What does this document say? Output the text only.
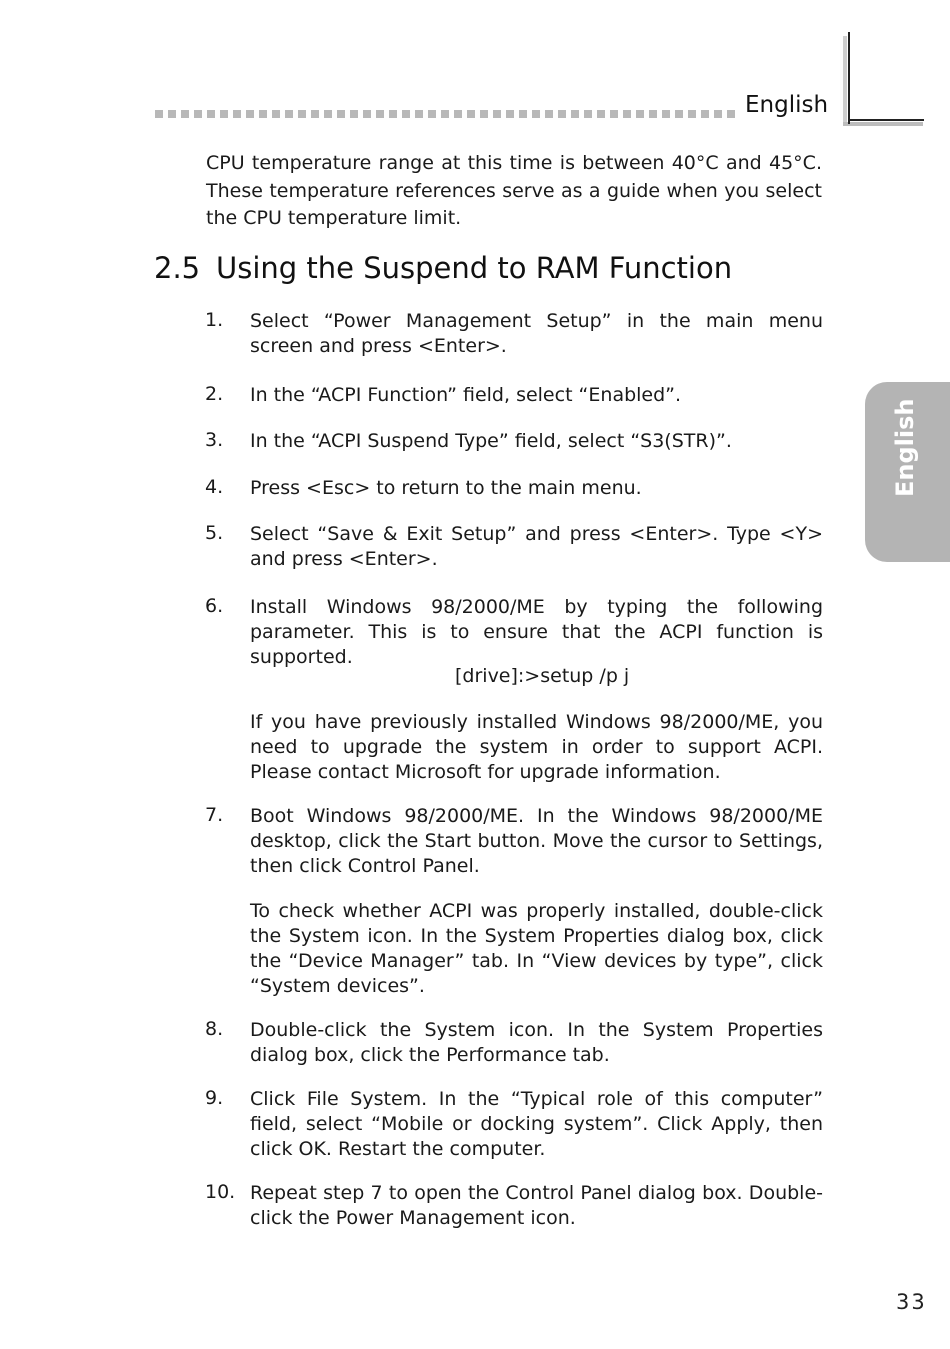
English
English
CPU temperature range at this time is between 40°C and 45°C. These temperature references serve as a guide when you select the CPU temperature limit.
2.5 Using the Suspend to RAM Function
1. Select “Power Management Setup” in the main menu screen and press <Enter>.
2. In the “ACPI Function” field, select “Enabled”.
3. In the “ACPI Suspend Type” field, select “S3(STR)”.
4. Press <Esc> to return to the main menu.
5. Select “Save & Exit Setup” and press <Enter>. Type <Y> and press <Enter>.
6. Install Windows 98/2000/ME by typing the following parameter. This is to ensure that the ACPI function is supported.
[drive]:>setup /p j
If you have previously installed Windows 98/2000/ME, you need to upgrade the system in order to support ACPI. Please contact Microsoft for upgrade information.
7. Boot Windows 98/2000/ME. In the Windows 98/2000/ME desktop, click the Start button. Move the cursor to Settings, then click Control Panel.
To check whether ACPI was properly installed, double-click the System icon. In the System Properties dialog box, click the “Device Manager” tab. In “View devices by type”, click “System devices”.
8. Double-click the System icon. In the System Properties dialog box, click the Performance tab.
9. Click File System. In the “Typical role of this computer” field, select “Mobile or docking system”. Click Apply, then click OK. Restart the computer.
10. Repeat step 7 to open the Control Panel dialog box. Double-click the Power Management icon.
33
